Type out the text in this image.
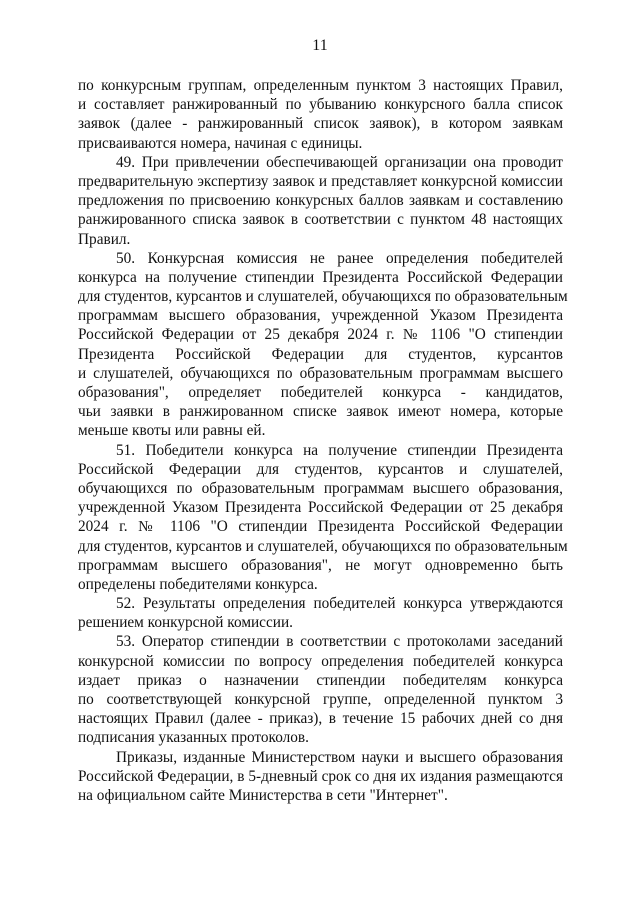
11
по конкурсным группам, определенным пунктом 3 настоящих Правил,
и составляет ранжированный по убыванию конкурсного балла список
заявок (далее - ранжированный список заявок), в котором заявкам
присваиваются номера, начиная с единицы.
49. При привлечении обеспечивающей организации она проводит
предварительную экспертизу заявок и представляет конкурсной комиссии
предложения по присвоению конкурсных баллов заявкам и составлению
ранжированного списка заявок в соответствии с пунктом 48 настоящих
Правил.
50. Конкурсная комиссия не ранее определения победителей
конкурса на получение стипендии Президента Российской Федерации
для студентов, курсантов и слушателей, обучающихся по образовательным
программам высшего образования, учрежденной Указом Президента
Российской Федерации от 25 декабря 2024 г. № 1106 "О стипендии
Президента Российской Федерации для студентов, курсантов
и слушателей, обучающихся по образовательным программам высшего
образования", определяет победителей конкурса - кандидатов,
чьи заявки в ранжированном списке заявок имеют номера, которые
меньше квоты или равны ей.
51. Победители конкурса на получение стипендии Президента
Российской Федерации для студентов, курсантов и слушателей,
обучающихся по образовательным программам высшего образования,
учрежденной Указом Президента Российской Федерации от 25 декабря
2024 г. № 1106 "О стипендии Президента Российской Федерации
для студентов, курсантов и слушателей, обучающихся по образовательным
программам высшего образования", не могут одновременно быть
определены победителями конкурса.
52. Результаты определения победителей конкурса утверждаются
решением конкурсной комиссии.
53. Оператор стипендии в соответствии с протоколами заседаний
конкурсной комиссии по вопросу определения победителей конкурса
издает приказ о назначении стипендии победителям конкурса
по соответствующей конкурсной группе, определенной пунктом 3
настоящих Правил (далее - приказ), в течение 15 рабочих дней со дня
подписания указанных протоколов.
Приказы, изданные Министерством науки и высшего образования
Российской Федерации, в 5-дневный срок со дня их издания размещаются
на официальном сайте Министерства в сети "Интернет".
